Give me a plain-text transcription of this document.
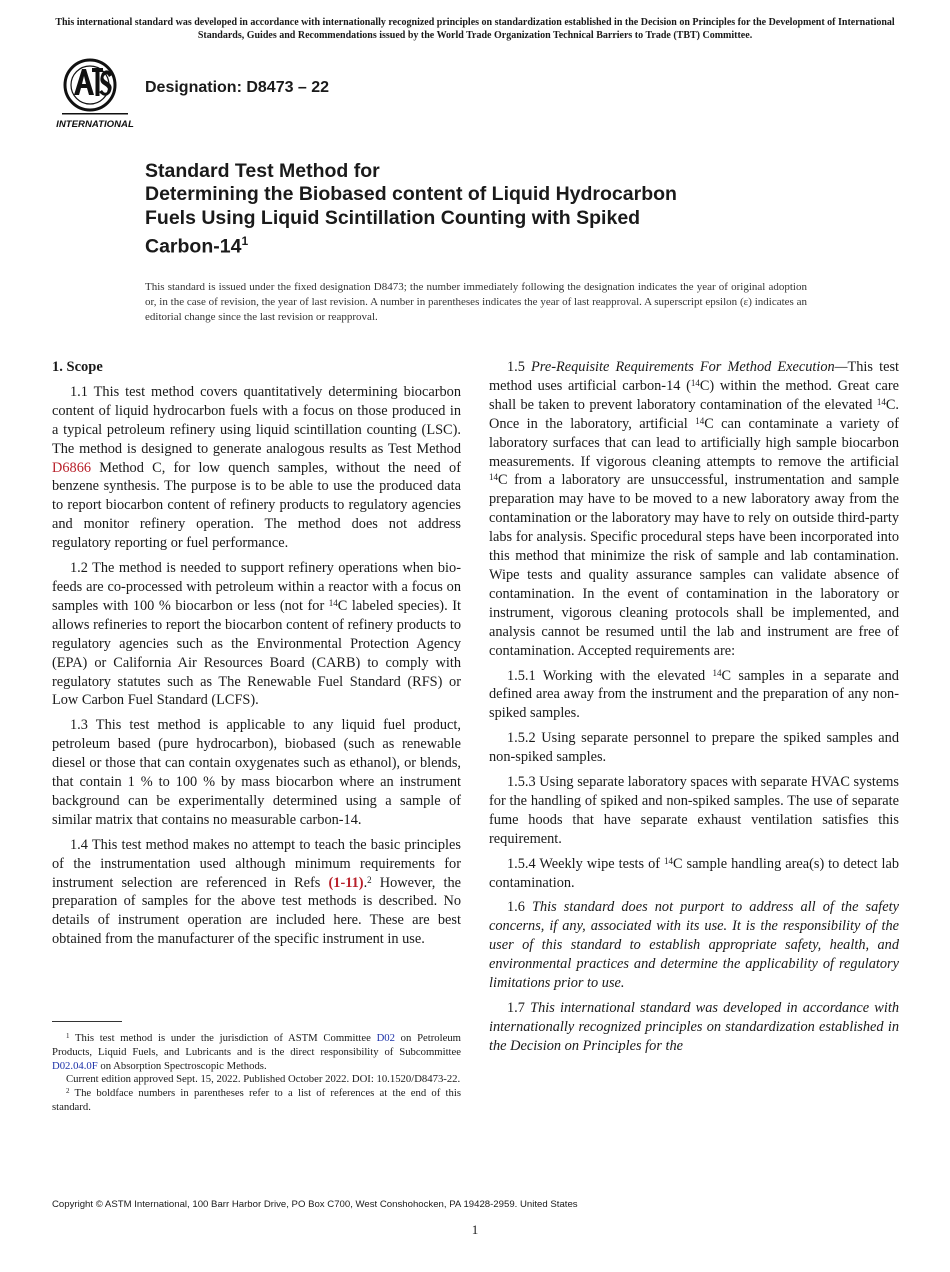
This international standard was developed in accordance with internationally recognized principles on standardization established in the Decision on Principles for the Development of International Standards, Guides and Recommendations issued by the World Trade Organization Technical Barriers to Trade (TBT) Committee.
INTERNATIONAL
Designation: D8473 – 22
Standard Test Method for
Determining the Biobased content of Liquid Hydrocarbon
Fuels Using Liquid Scintillation Counting with Spiked
Carbon-$14^1$
This standard is issued under the fixed designation D8473; the number immediately following the designation indicates the year of original adoption or, in the case of revision, the year of last revision. A number in parentheses indicates the year of last reapproval. A superscript epsilon (ε) indicates an editorial change since the last revision or reapproval.
1. Scope

1.1 This test method covers quantitatively determining biocarbon content of liquid hydrocarbon fuels with a focus on those produced in a typical petroleum refinery using liquid scintillation counting (LSC). The method is designed to generate analogous results as Test Method D6866 Method C, for low quench samples, without the need of benzene synthesis. The purpose is to be able to use the produced data to report biocarbon content of refinery products to regulatory agencies and monitor refinery operation. The method does not address regulatory reporting or fuel performance.

1.2 The method is needed to support refinery operations when bio-feeds are co-processed with petroleum within a reactor with a focus on samples with 100 % biocarbon or less (not for $^{14}$C labeled species). It allows refineries to report the biocarbon content of refinery products to regulatory agencies such as the Environmental Protection Agency (EPA) or California Air Resources Board (CARB) to comply with regulatory statutes such as The Renewable Fuel Standard (RFS) or Low Carbon Fuel Standard (LCFS).

1.3 This test method is applicable to any liquid fuel product, petroleum based (pure hydrocarbon), biobased (such as renewable diesel or those that can contain oxygenates such as ethanol), or blends, that contain 1 % to 100 % by mass biocarbon where an instrument background can be experimentally determined using a sample of similar matrix that contains no measurable carbon-14.

1.4 This test method makes no attempt to teach the basic principles of the instrumentation used although minimum requirements for instrument selection are referenced in Refs (1-11).$^2$ However, the preparation of samples for the above test methods is described. No details of instrument operation are included here. These are best obtained from the manufacturer of the specific instrument in use.

1.5 Pre-Requisite Requirements For Method Execution—This test method uses artificial carbon-14 ($^{14}$C) within the method. Great care shall be taken to prevent laboratory contamination of the elevated $^{14}$C. Once in the laboratory, artificial $^{14}$C can contaminate a variety of laboratory surfaces that can lead to artificially high sample biocarbon measurements. If vigorous cleaning attempts to remove the artificial $^{14}$C from a laboratory are unsuccessful, instrumentation and sample preparation may have to be moved to a new laboratory away from the contamination or the laboratory may have to rely on outside third-party labs for analysis. Specific procedural steps have been incorporated into this method that minimize the risk of sample and lab contamination. Wipe tests and quality assurance samples can validate absence of contamination. In the event of contamination in the laboratory or instrument, vigorous cleaning protocols shall be implemented, and analysis cannot be resumed until the lab and instrument are free of contamination. Accepted requirements are:

1.5.1 Working with the elevated $^{14}$C samples in a separate and defined area away from the instrument and the preparation of any non-spiked samples.

1.5.2 Using separate personnel to prepare the spiked samples and non-spiked samples.

1.5.3 Using separate laboratory spaces with separate HVAC systems for the handling of spiked and non-spiked samples. The use of separate fume hoods that have separate exhaust ventilation satisfies this requirement.

1.5.4 Weekly wipe tests of $^{14}$C sample handling area(s) to detect lab contamination.

1.6 This standard does not purport to address all of the safety concerns, if any, associated with its use. It is the responsibility of the user of this standard to establish appropriate safety, health, and environmental practices and determine the applicability of regulatory limitations prior to use.

1.7 This international standard was developed in accordance with internationally recognized principles on standardization established in the Decision on Principles for the

$^1$ This test method is under the jurisdiction of ASTM Committee D02 on Petroleum Products, Liquid Fuels, and Lubricants and is the direct responsibility of Subcommittee D02.04.0F on Absorption Spectroscopic Methods.

Current edition approved Sept. 15, 2022. Published October 2022. DOI: 10.1520/D8473-22.

$^2$ The boldface numbers in parentheses refer to a list of references at the end of this standard.

Copyright © ASTM International, 100 Barr Harbor Drive, PO Box C700, West Conshohocken, PA 19428-2959. United States
1
